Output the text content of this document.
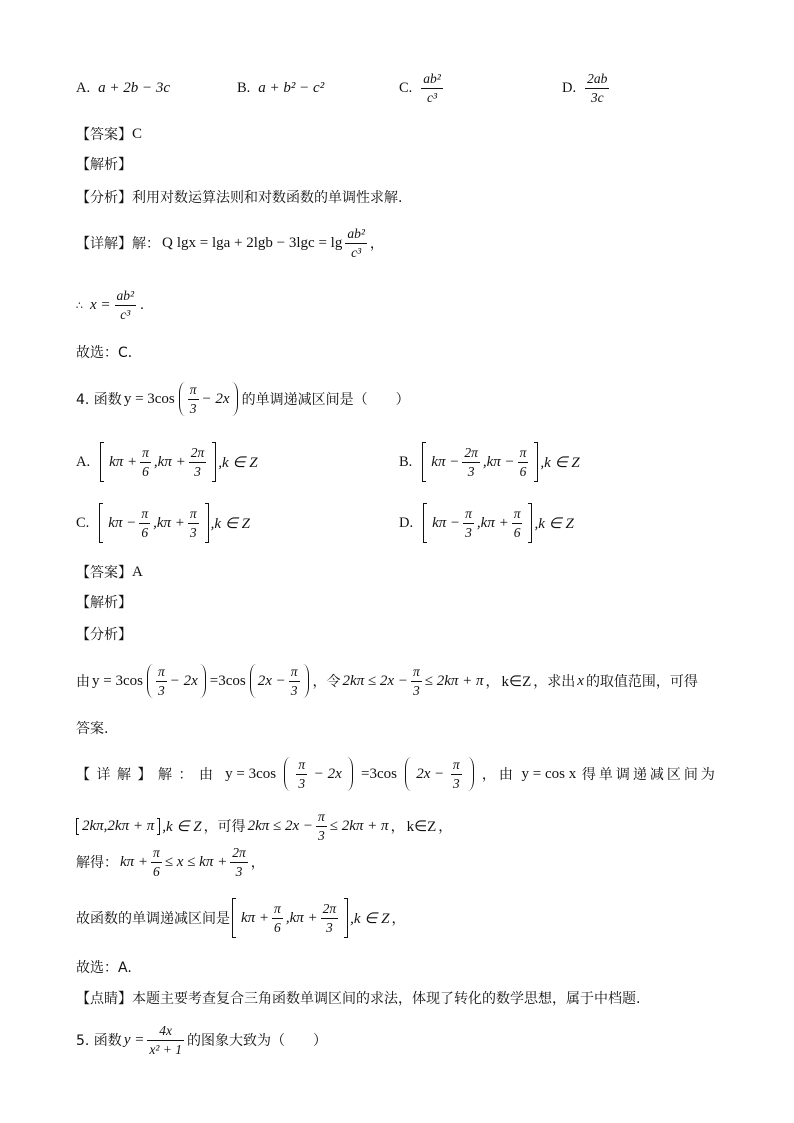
A. a + 2b − 3c	B. a + b² − c²	C. $\frac{\text{ab²}}{\text{c³}}$	D. $\frac{2ab}{3c}$
【答案】 C
【解析】
【分析】 利用对数运算法则和对数函数的单调性求解.
【详解】解： Q $\lg x = \lg a + 2\lg b - 3\lg c = \lg \frac{\text{ab²}}{\text{c³}}$ ，
∴ $x = \frac{\text{ab²}}{\text{c³}}$ .
故选：C．
4. 函数 $y = 3\cos \frac{\pi}{3} - 2x$ 的单调递减区间是（　　）
A. $k\pi + \frac{\pi}{6} ,k\pi + \frac{2\pi}{3} ,k$ ∈ Z	B. $k\pi - \frac{2\pi}{3} ,k\pi - \frac{\pi}{6} ,k$ ∈ Z
C. $k\pi - \frac{\pi}{6} ,k\pi + \frac{\pi}{3} ,k$ ∈ Z	D. $k\pi - \frac{\pi}{3} ,k\pi + \frac{\pi}{6} ,k$ ∈ Z
【答案】 A
【解析】
【分析】
由 $y = 3\cos \frac{\pi}{3} - 2x =3\cos$ $2x - \frac{\pi}{3}$ ，令 $2k\pi \le 2x - \frac{\pi}{3} \le 2k\pi + \pi$ ， k∈Z ，求出 x 的取值范围，可得
答案.
【详解】解：由 $y = 3\cos \frac{\pi}{3} - 2x =3\cos$ $2x - \frac{\pi}{3}$ ，由 y = cos x 得单调递减区间为
2kπ,2kπ + π ,k ∈ Z ，可得 $2k\pi \le 2x - \frac{\pi}{3} \le 2k\pi + \pi$ ， k∈Z ，
解得： $k\pi + \frac{\pi}{6} \le x \le k\pi + \frac{2\pi}{3}$ ，
故函数的单调递减区间是 $k\pi + \frac{\pi}{6} ,k\pi + \frac{2\pi}{3} ,k$ ∈ Z ，
故选：A.
【点睛】 本题主要考查复合三角函数单调区间的求法，体现了转化的数学思想，属于中档题.
5. 函数 $y = \frac{4x}{\text{x² + 1}}$ 的图象大致为（　　）
